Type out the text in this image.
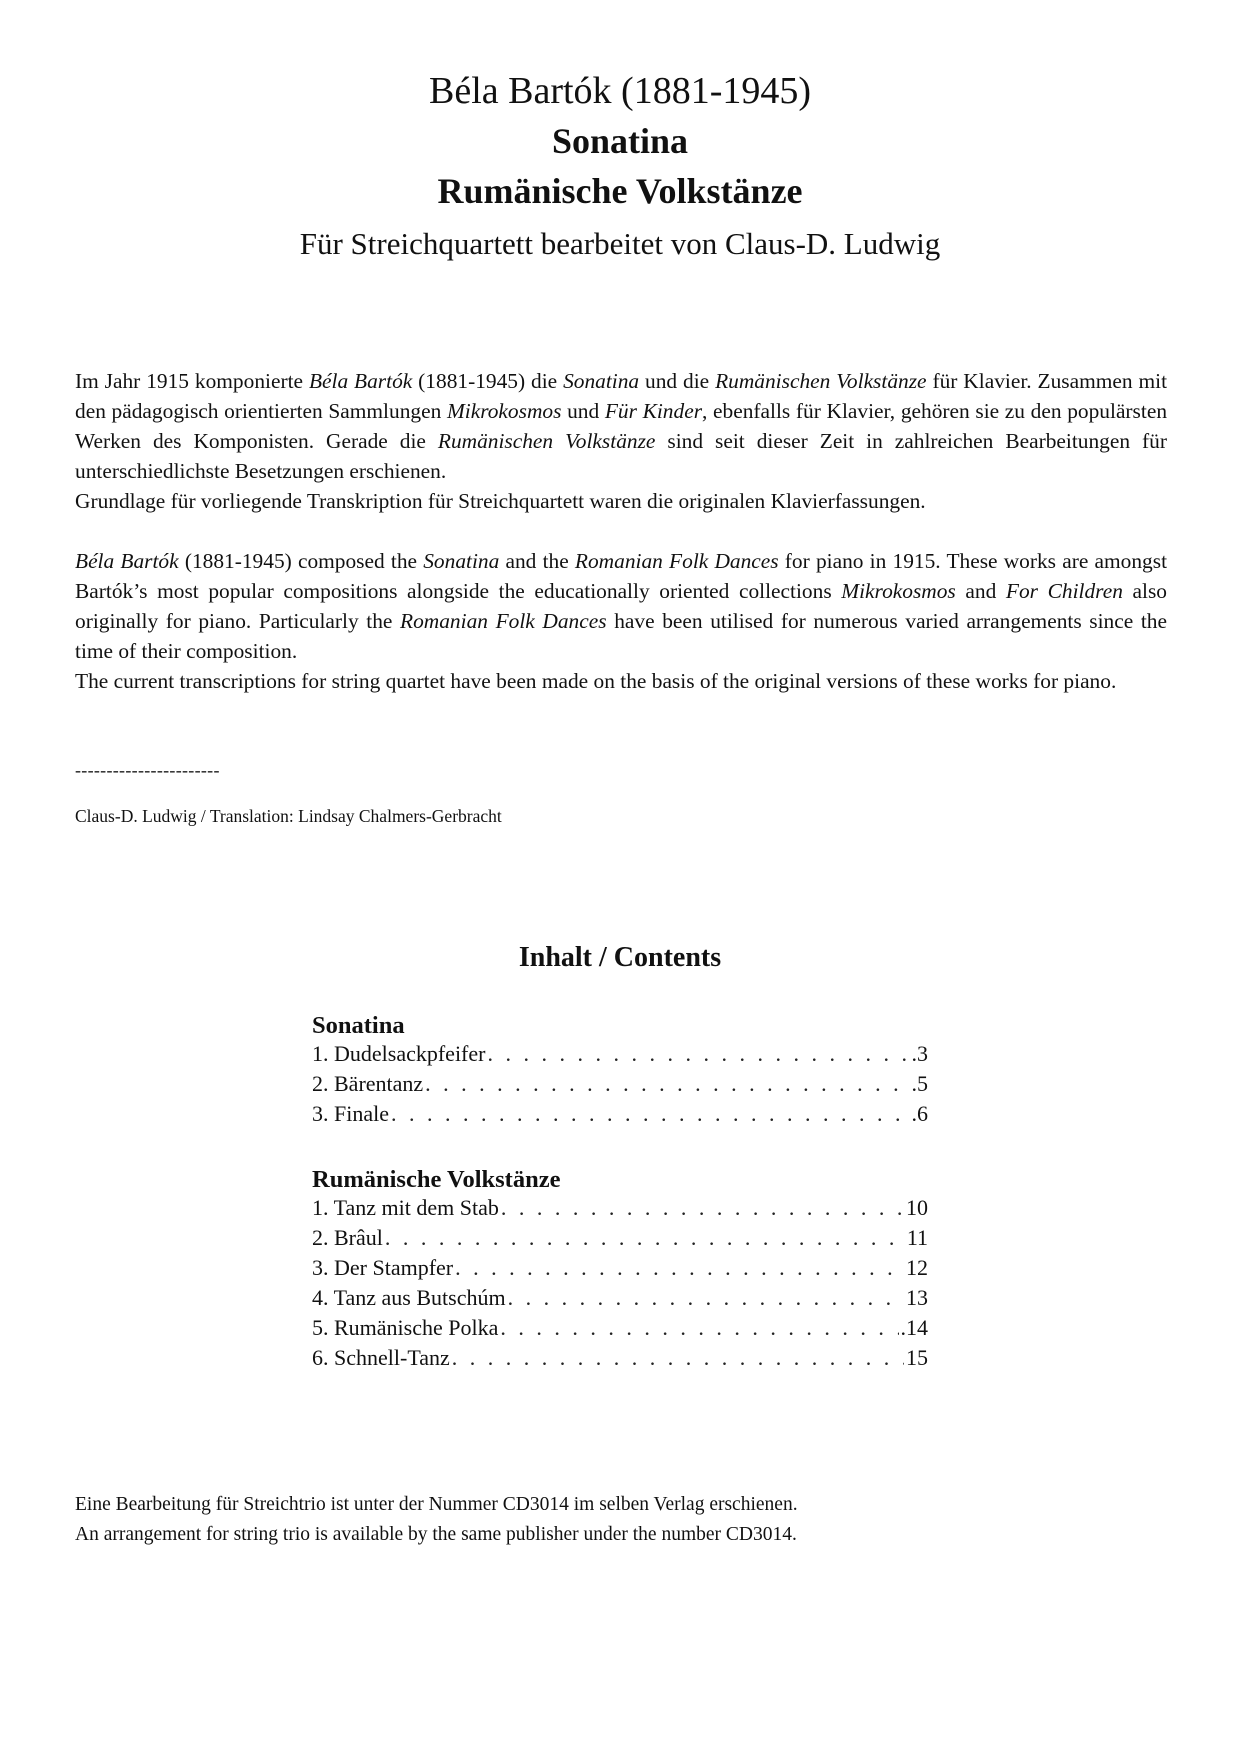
Béla Bartók (1881-1945)
Sonatina
Rumänische Volkstänze
Für Streichquartett bearbeitet von Claus-D. Ludwig

Im Jahr 1915 komponierte Béla Bartók (1881-1945) die Sonatina und die Rumänischen Volkstänze für Klavier. Zusammen mit den pädagogisch orientierten Sammlungen Mikrokosmos und Für Kinder, ebenfalls für Klavier, gehören sie zu den populärsten Werken des Komponisten. Gerade die Rumänischen Volkstänze sind seit dieser Zeit in zahlreichen Bearbeitungen für unterschiedlichste Besetzungen erschienen.

Grundlage für vorliegende Transkription für Streichquartett waren die originalen Klavierfassungen.

Béla Bartók (1881-1945) composed the Sonatina and the Romanian Folk Dances for piano in 1915. These works are amongst Bartók’s most popular compositions alongside the educationally oriented collections Mikrokosmos and For Children also originally for piano. Particularly the Romanian Folk Dances have been utilised for numerous varied arrangements since the time of their composition.

The current transcriptions for string quartet have been made on the basis of the original versions of these works for piano.

-----------------------
Claus-D. Ludwig / Translation: Lindsay Chalmers-Gerbracht
Inhalt / Contents
Sonatina
1. Dudelsackpfeifer . . .	.3
2. Bärentanz . . .	.5
3. Finale . . .	.6
Rumänische Volkstänze
1. Tanz mit dem Stab . . .	10
2. Brâul . . .	11
3. Der Stampfer . . .	12
4. Tanz aus Butschúm . . .	13
5. Rumänische Polka . . .	.14
6. Schnell-Tanz . . .	15
Eine Bearbeitung für Streichtrio ist unter der Nummer CD3014 im selben Verlag erschienen.
An arrangement for string trio is available by the same publisher under the number CD3014.
